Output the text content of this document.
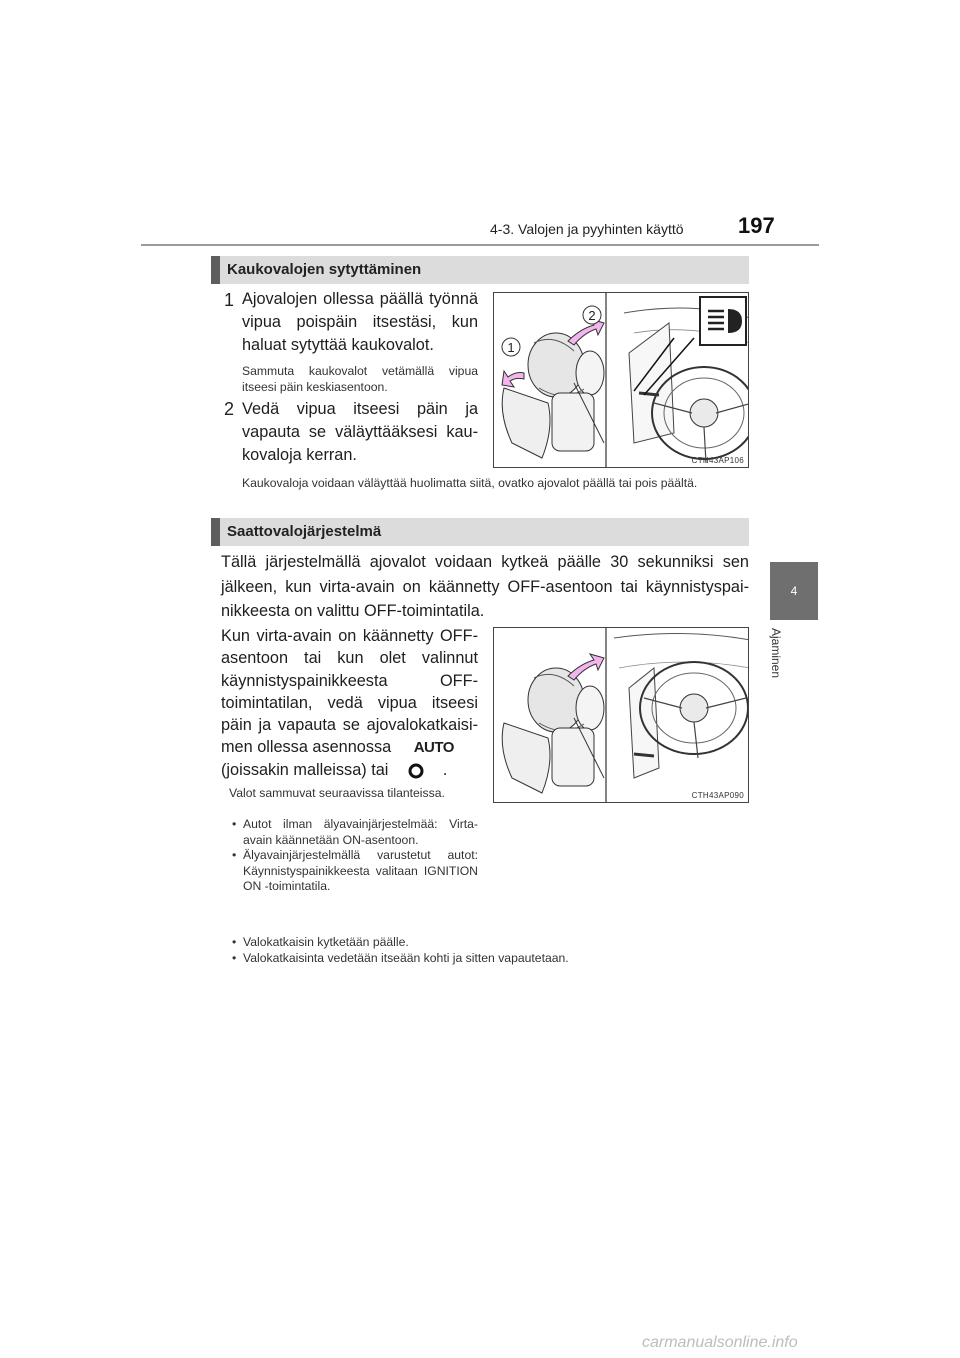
4-3. Valojen ja pyyhinten käyttö 197
4
Ajaminen
Kaukovalojen sytyttäminen
1 Ajovalojen ollessa päällä työnnä vipua poispäin itsestäsi, kun haluat sytyttää kaukovalot.
Sammuta kaukovalot vetämällä vipua itseesi päin keskiasentoon.
2 Vedä vipua itseesi päin ja vapauta se väläyttääksesi kaukovaloja kerran.
Kaukovaloja voidaan väläyttää huolimatta siitä, ovatko ajovalot päällä tai pois päältä.
2
1
CTH43AP106
Saattovalojärjestelmä
Tällä järjestelmällä ajovalot voidaan kytkeä päälle 30 sekunniksi sen jälkeen, kun virta-avain on käännetty OFF-asentoon tai käynnistyspainikkeesta on valittu OFF-toimintatila.
Kun virta-avain on käännetty OFF-asentoon tai kun olet valinnut käynnistyspainikkeesta OFF-toimintatilan, vedä vipua itseesi päin ja vapauta se ajovalokatkaisimen ollessa asennossa AUTO
(joissakin malleissa) tai	.
Valot sammuvat seuraavissa tilanteissa.
• Autot ilman älyavainjärjestelmää: Virta-avain käännetään ON-asentoon.
• Älyavainjärjestelmällä varustetut autot: Käynnistyspainikkeesta valitaan IGNITION ON -toimintatila.
• Valokatkaisin kytketään päälle.
• Valokatkaisinta vedetään itseään kohti ja sitten vapautetaan.
CTH43AP090
carmanualsonline.info
